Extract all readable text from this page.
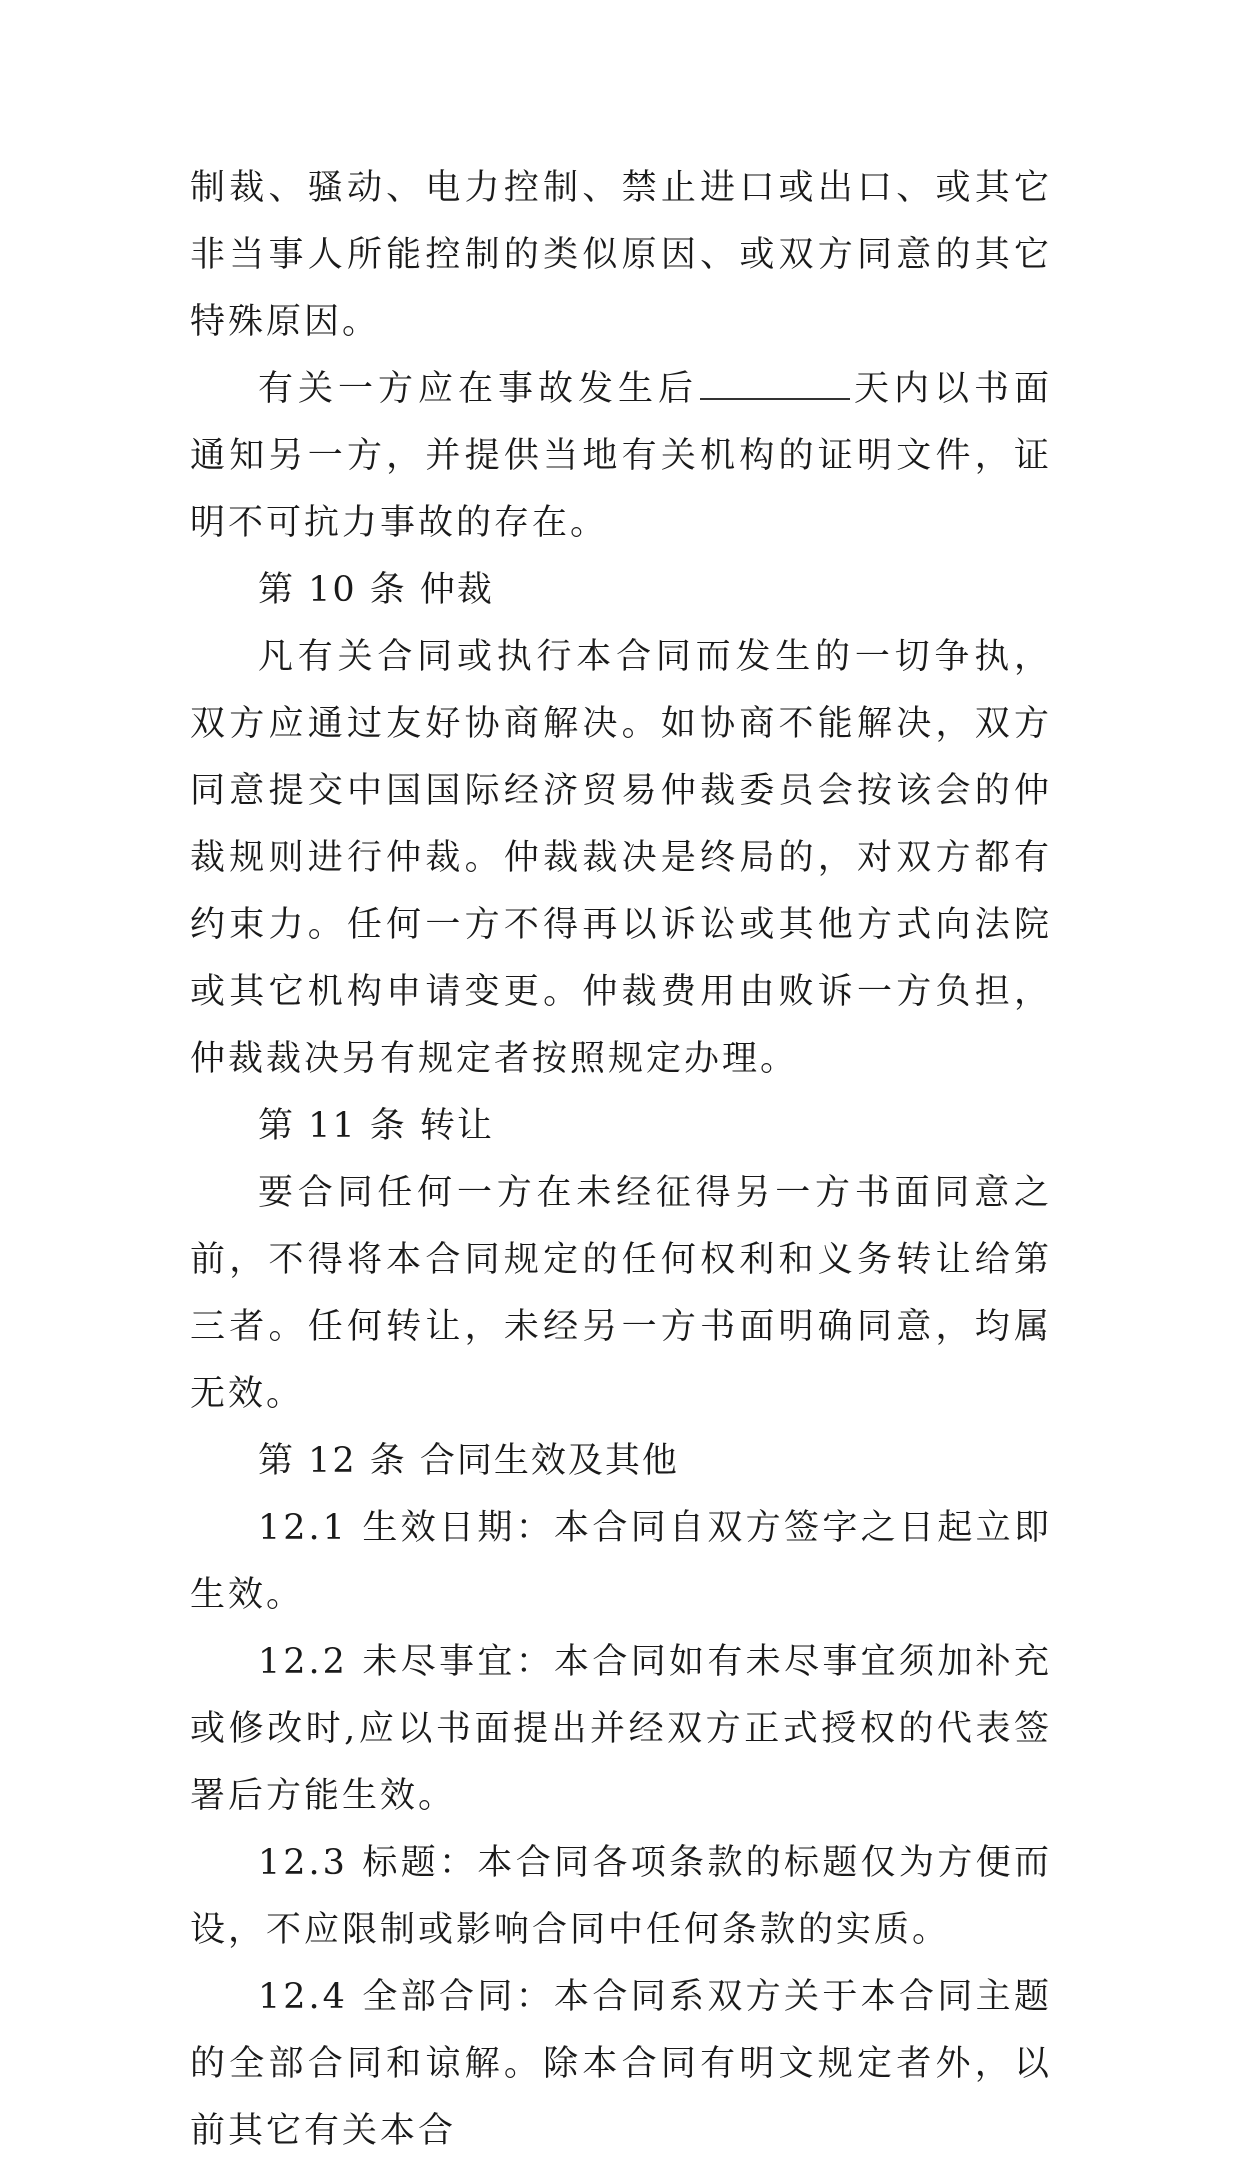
制裁、骚动、电力控制、禁止进口或出口、或其它非当事人所能控制的类似原因、或双方同意的其它特殊原因。

有关一方应在事故发生后	天内以书面通知另一方，并提供当地有关机构的证明文件，证明不可抗力事故的存在。

第 10 条 仲裁

凡有关合同或执行本合同而发生的一切争执，双方应通过友好协商解决。如协商不能解决，双方同意提交中国国际经济贸易仲裁委员会按该会的仲裁规则进行仲裁。仲裁裁决是终局的，对双方都有约束力。任何一方不得再以诉讼或其他方式向法院或其它机构申请变更。仲裁费用由败诉一方负担，仲裁裁决另有规定者按照规定办理。

第 11 条 转让

要合同任何一方在未经征得另一方书面同意之前，不得将本合同规定的任何权利和义务转让给第三者。任何转让，未经另一方书面明确同意，均属无效。

第 12 条 合同生效及其他

12.1 生效日期：本合同自双方签字之日起立即生效。

12.2 未尽事宜：本合同如有未尽事宜须加补充或修改时,应以书面提出并经双方正式授权的代表签署后方能生效。

12.3 标题：本合同各项条款的标题仅为方便而设，不应限制或影响合同中任何条款的实质。

12.4 全部合同：本合同系双方关于本合同主题的全部合同和谅解。除本合同有明文规定者外，以前其它有关本合
